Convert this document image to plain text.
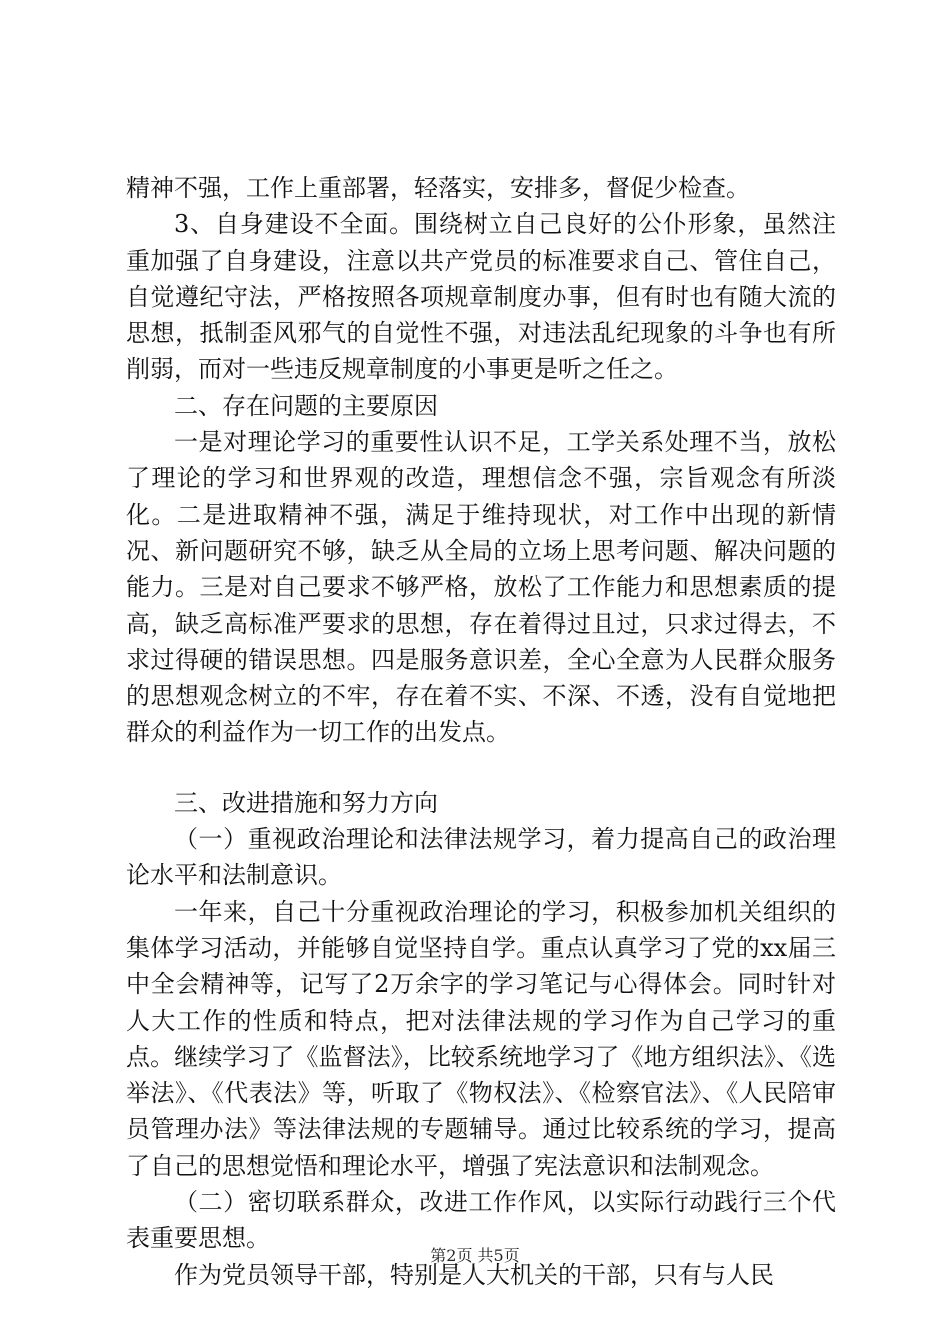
精神不强，工作上重部署，轻落实，安排多，督促少检查。

3、自身建设不全面。围绕树立自己良好的公仆形象，虽然注重加强了自身建设，注意以共产党员的标准要求自己、管住自己，自觉遵纪守法，严格按照各项规章制度办事，但有时也有随大流的思想，抵制歪风邪气的自觉性不强，对违法乱纪现象的斗争也有所削弱，而对一些违反规章制度的小事更是听之任之。

二、存在问题的主要原因

一是对理论学习的重要性认识不足，工学关系处理不当，放松了理论的学习和世界观的改造，理想信念不强，宗旨观念有所淡化。二是进取精神不强，满足于维持现状，对工作中出现的新情况、新问题研究不够，缺乏从全局的立场上思考问题、解决问题的能力。三是对自己要求不够严格，放松了工作能力和思想素质的提高，缺乏高标准严要求的思想，存在着得过且过，只求过得去，不求过得硬的错误思想。四是服务意识差，全心全意为人民群众服务的思想观念树立的不牢，存在着不实、不深、不透，没有自觉地把群众的利益作为一切工作的出发点。

三、改进措施和努力方向

（一）重视政治理论和法律法规学习，着力提高自己的政治理论水平和法制意识。

一年来，自己十分重视政治理论的学习，积极参加机关组织的集体学习活动，并能够自觉坚持自学。重点认真学习了党的xx届三中全会精神等，记写了2万余字的学习笔记与心得体会。同时针对人大工作的性质和特点，把对法律法规的学习作为自己学习的重点。继续学习了《监督法》，比较系统地学习了《地方组织法》、《选举法》、《代表法》等，听取了《物权法》、《检察官法》、《人民陪审员管理办法》等法律法规的专题辅导。通过比较系统的学习，提高了自己的思想觉悟和理论水平，增强了宪法意识和法制观念。

（二）密切联系群众，改进工作作风，以实际行动践行三个代表重要思想。

作为党员领导干部，特别是人大机关的干部，只有与人民

第2页 共5页
